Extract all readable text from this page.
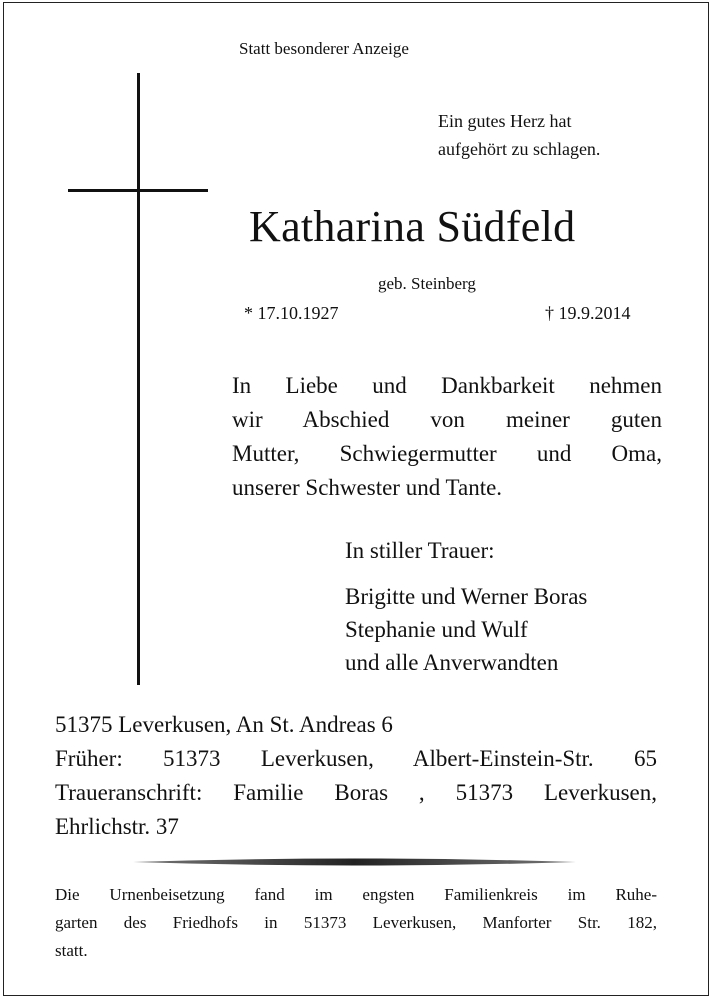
Statt besonderer Anzeige
Ein gutes Herz hat
aufgehört zu schlagen.
Katharina Südfeld
geb. Steinberg
* 17.10.1927	† 19.9.2014
In Liebe und Dankbarkeit nehmen
wir Abschied von meiner guten
Mutter, Schwiegermutter und Oma,
unserer Schwester und Tante.
In stiller Trauer:
Brigitte und Werner Boras
Stephanie und Wulf
und alle Anverwandten
51375 Leverkusen, An St. Andreas 6
Früher: 51373 Leverkusen, Albert-Einstein-Str. 65
Traueranschrift: Familie Boras , 51373 Leverkusen,
Ehrlichstr. 37
Die Urnenbeisetzung fand im engsten Familienkreis im Ruhe-
garten des Friedhofs in 51373 Leverkusen, Manforter Str. 182,
statt.
